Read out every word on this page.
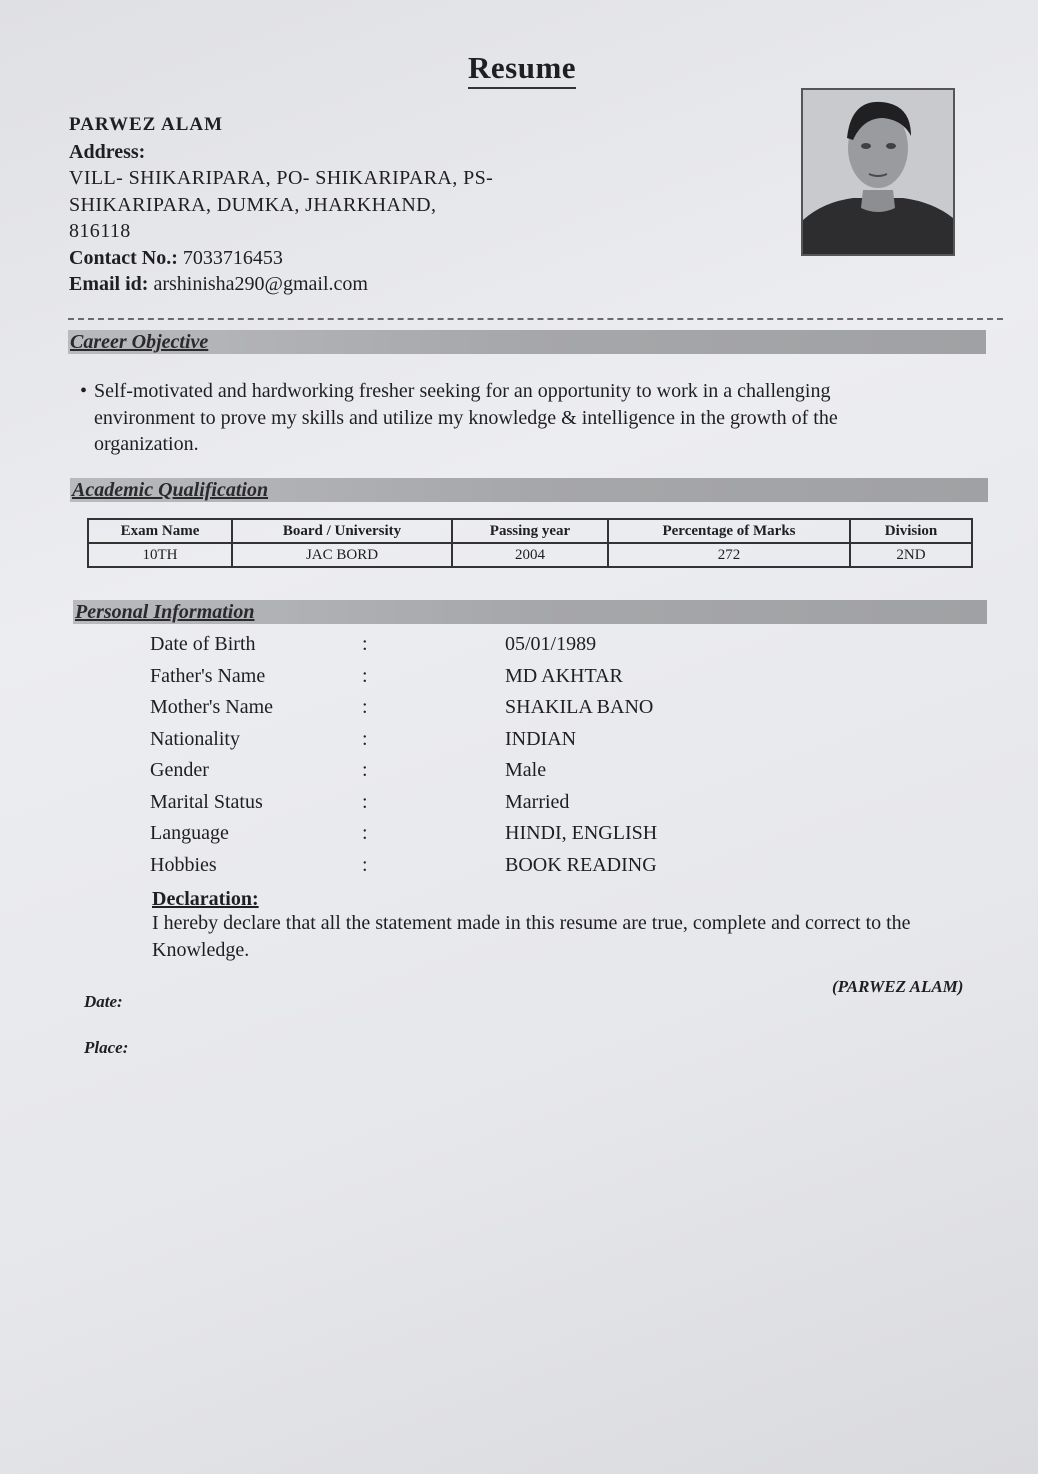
Resume
PARWEZ ALAM
Address:
VILL- SHIKARIPARA, PO- SHIKARIPARA, PS-
SHIKARIPARA, DUMKA, JHARKHAND,
816118
Contact No.: 7033716453
Email id: arshinisha290@gmail.com
Career Objective
• Self-motivated and hardworking fresher seeking for an opportunity to work in a challenging environment to prove my skills and utilize my knowledge & intelligence in the growth of the organization.
Academic Qualification
Exam Name	Board / University	Passing year	Percentage of Marks	Division
10TH	JAC BORD	2004	272	2ND
Personal Information
Date of Birth	:	05/01/1989
Father's Name	:	MD AKHTAR
Mother's Name	:	SHAKILA BANO
Nationality	:	INDIAN
Gender	:	Male
Marital Status	:	Married
Language	:	HINDI, ENGLISH
Hobbies	:	BOOK READING
Declaration:
I hereby declare that all the statement made in this resume are true, complete and correct to the Knowledge.
(PARWEZ ALAM)
Date:
Place:
